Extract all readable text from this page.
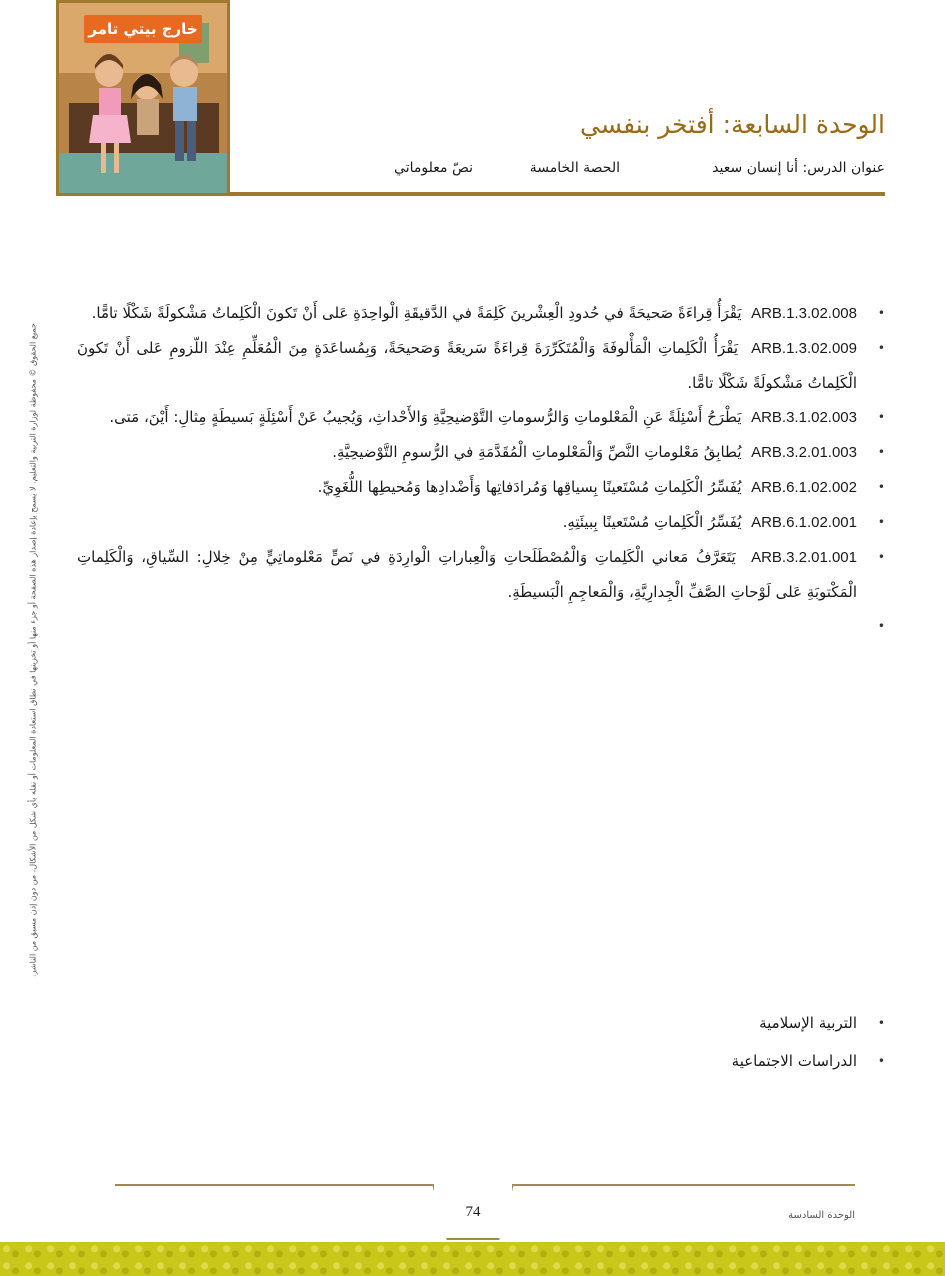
خارج بيتي تامر
الوحدة السابعة: أفتخر بنفسي
عنوان الدرس: أنا إنسان سعيد
الحصة الخامسة
نصّ معلوماتي
جميع الحقوق © محفوظة لوزارة التربية والتعليم. لا يسمح بإعادة إصدار هذه الصفحة أو جزء منها أو تخزينها في نطاق استعادة المعلومات أو نقله بأي شكل من الأشكال، من دون إذن مسبق من الناشر.
• ARB.1.3.02.008  يَقْرَأُ قِراءَةً صَحيحَةً في حُدودِ الْعِشْرينَ كَلِمَةً في الدَّقيقَةِ الْواحِدَةِ عَلى أَنْ تَكونَ الْكَلِماتُ مَشْكولَةً شَكْلًا تامًّا.
• ARB.1.3.02.009  يَقْرَأُ الْكَلِماتِ الْمَأْلوفَةَ وَالْمُتَكَرِّرَةَ قِراءَةً سَريعَةً وَصَحيحَةً، وَبِمُساعَدَةٍ مِنَ الْمُعَلِّمِ عِنْدَ اللّزومِ عَلى أَنْ تَكونَ الْكَلِماتُ مَشْكولَةً شَكْلًا تامًّا.
• ARB.3.1.02.003  يَطْرَحُ أَسْئِلَةً عَنِ الْمَعْلوماتِ وَالرُّسوماتِ التَّوْضيحِيَّةِ وَالأَحْداثِ، وَيُجيبُ عَنْ أَسْئِلَةٍ بَسيطَةٍ مِثالِ: أَيْنَ، مَتى.
• ARB.3.2.01.003  يُطابِقُ مَعْلوماتِ النَّصِّ وَالْمَعْلوماتِ الْمُقَدَّمَةِ في الرُّسومِ التَّوْضيحِيَّةِ.
• ARB.6.1.02.002  يُفَسِّرُ الْكَلِماتِ مُسْتَعينًا بِسياقِها وَمُرادَفاتِها وَأَضْدادِها وَمُحيطِها اللُّغَوِيِّ.
• ARB.6.1.02.001  يُفَسِّرُ الْكَلِماتِ مُسْتَعينًا بِبيئَتِهِ.
• ARB.3.2.01.001  يَتَعَرَّفُ مَعاني الْكَلِماتِ وَالْمُصْطَلَحاتِ وَالْعِباراتِ الْوارِدَةِ في نَصٍّ مَعْلوماتِيٍّ مِنْ خِلالِ: السِّياقِ، وَالْكَلِماتِ الْمَكْتوبَةِ عَلى لَوْحاتِ الصَّفِّ الْجِدارِيَّةِ، وَالْمَعاجِمِ الْبَسيطَةِ.
•
• التربية الإسلامية
• الدراسات الاجتماعية
74	الوحدة السادسة
